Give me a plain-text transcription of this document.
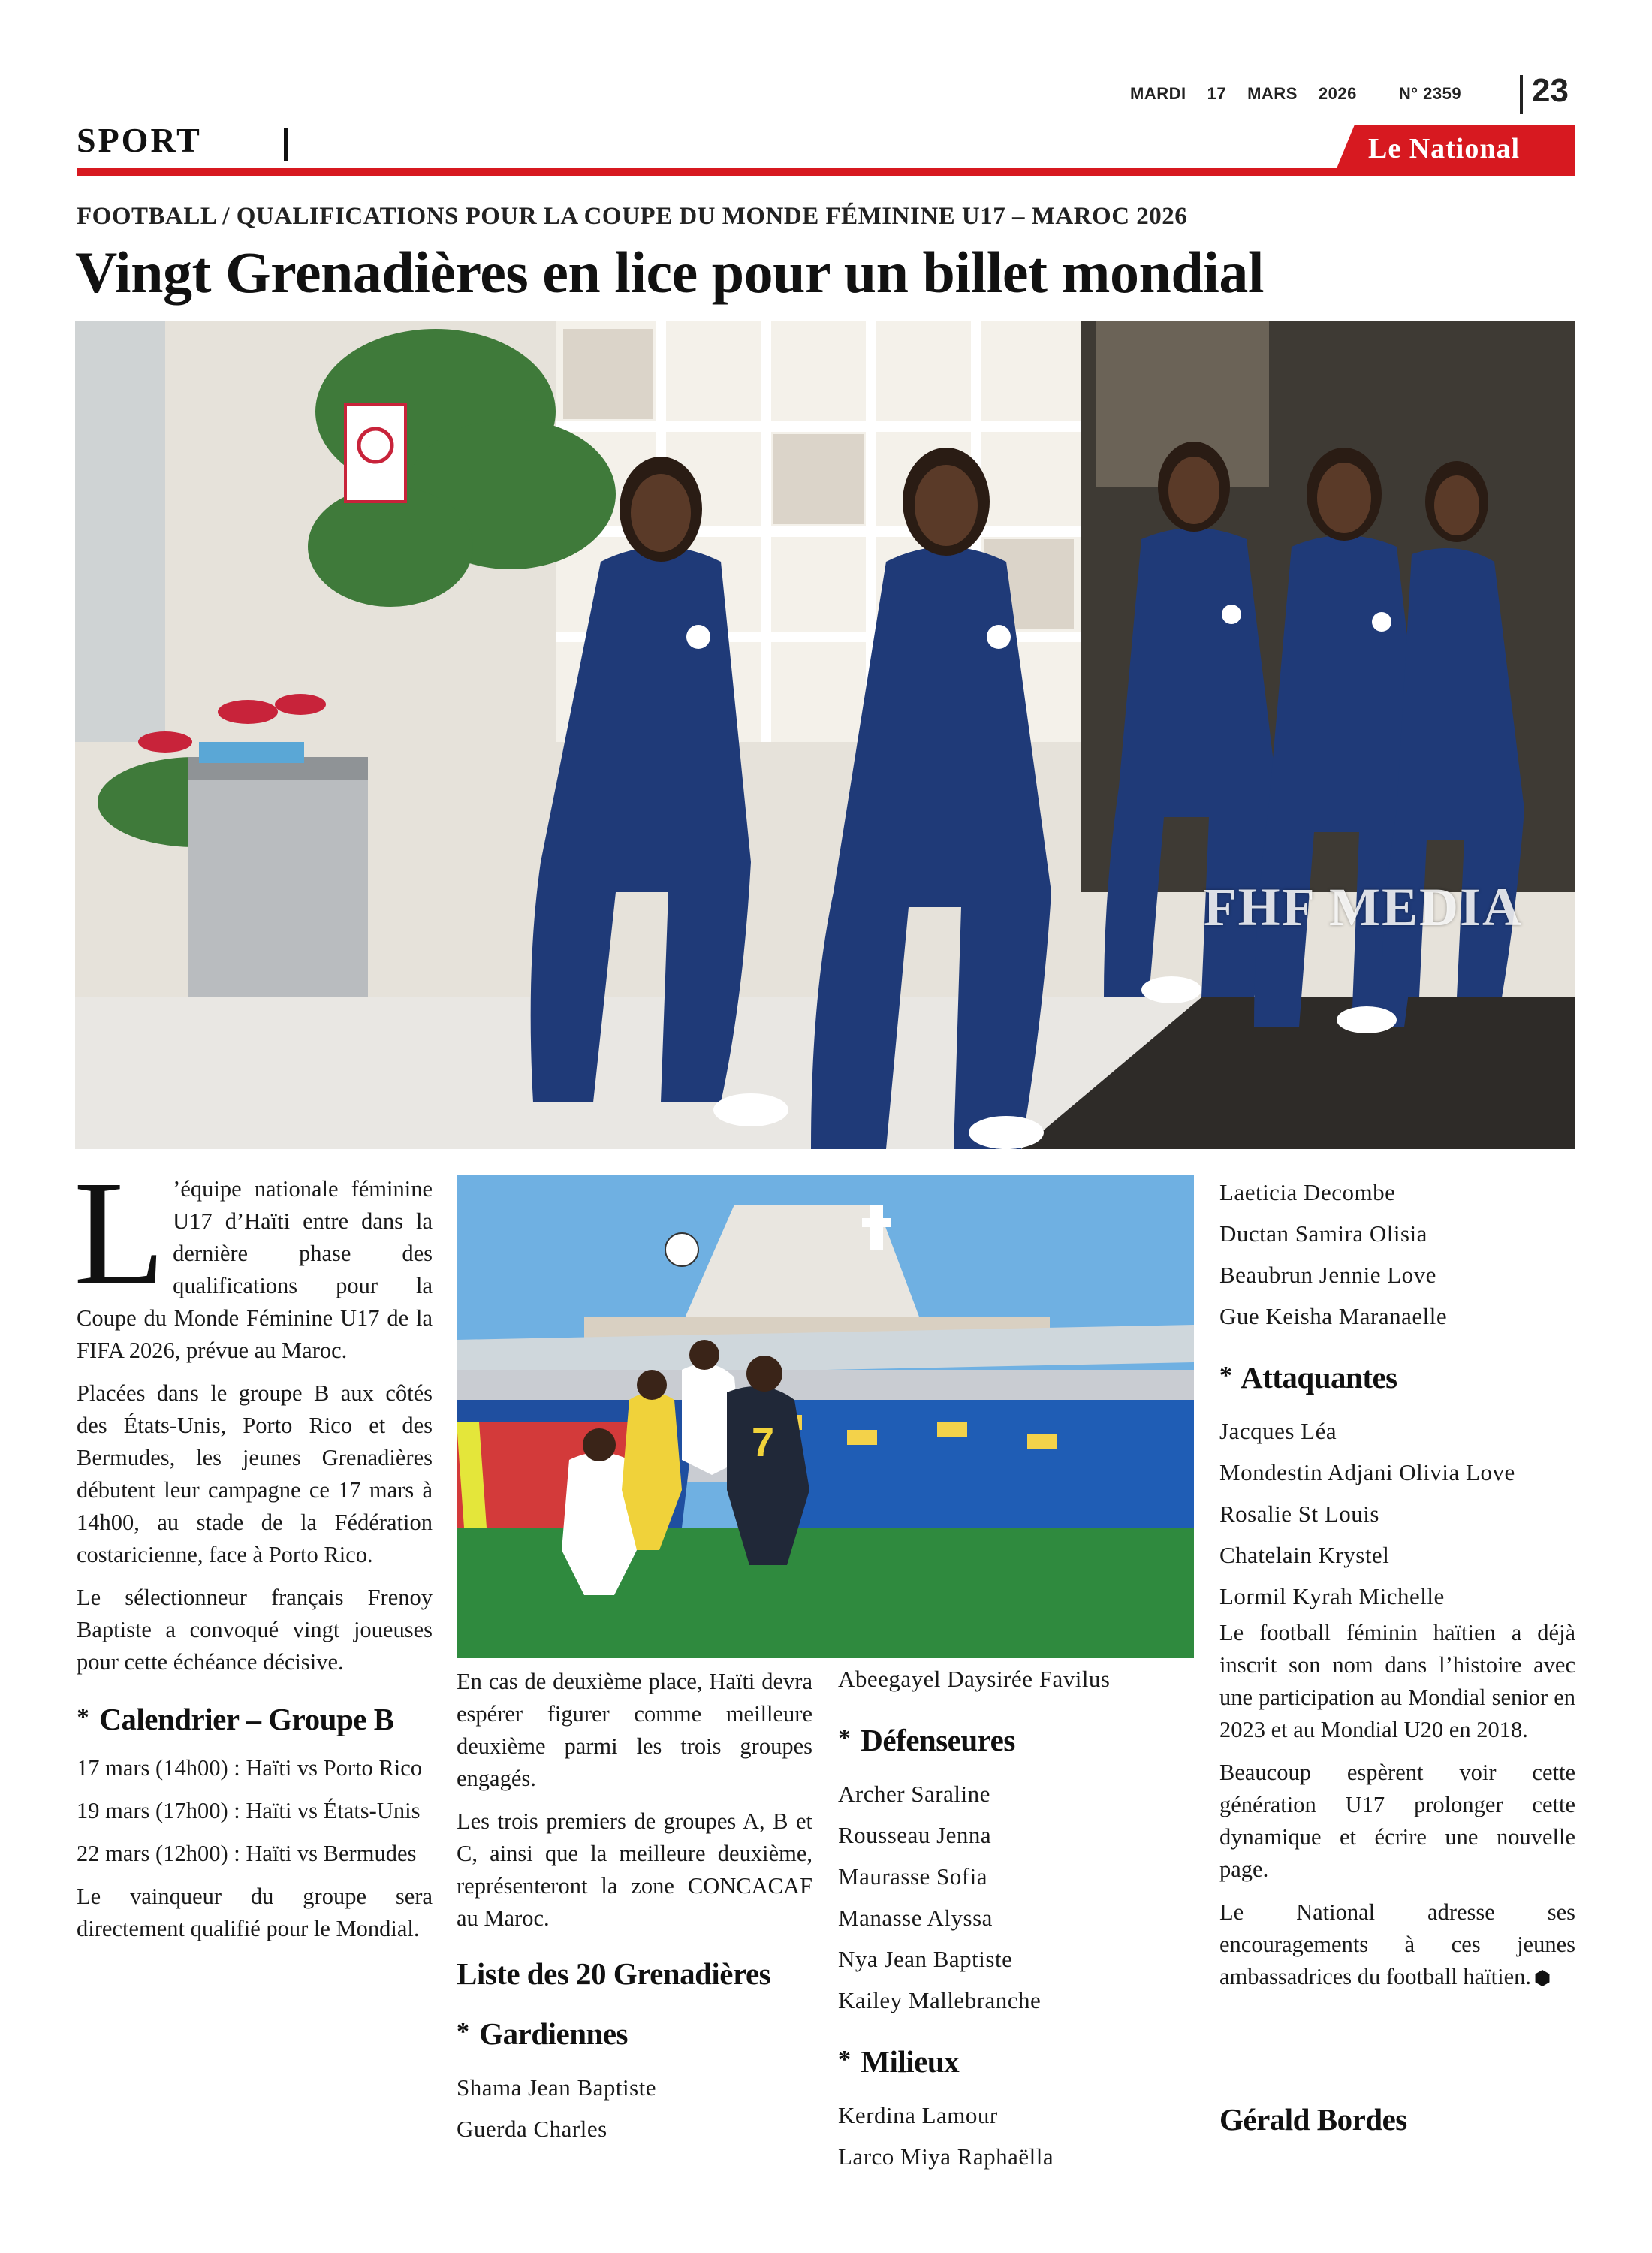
MARDI 17 MARS 2026	N° 2359 23
SPORT	Le National
FOOTBALL / QUALIFICATIONS POUR LA COUPE DU MONDE FÉMININE U17 – MAROC 2026
Vingt Grenadières en lice pour un billet mondial
FHF MEDIA

L ’équipe nationale féminine U17 d’Haïti entre dans la dernière phase des qualifications pour la Coupe du Monde Féminine U17 de la FIFA 2026, prévue au Maroc.

Placées dans le groupe B aux côtés des États-Unis, Porto Rico et des Bermudes, les jeunes Grenadières débutent leur campagne ce 17 mars à 14h00, au stade de la Fédération costaricienne, face à Porto Rico.

Le sélectionneur français Frenoy Baptiste a convoqué vingt joueuses pour cette échéance décisive.

* Calendrier – Groupe B

17 mars (14h00) : Haïti vs Porto Rico

19 mars (17h00) : Haïti vs États-Unis

22 mars (12h00) : Haïti vs Bermudes

Le vainqueur du groupe sera directement qualifié pour le Mondial.

7

En cas de deuxième place, Haïti devra espérer figurer comme meilleure deuxième parmi les trois groupes engagés.

Les trois premiers de groupes A, B et C, ainsi que la meilleure deuxième, représenteront la zone CONCACAF au Maroc.

Liste des 20 Grenadières
* Gardiennes
Shama Jean Baptiste
Guerda Charles
Abeegayel Daysirée Favilus
* Défenseures
Archer Saraline
Rousseau Jenna
Maurasse Sofia
Manasse Alyssa
Nya Jean Baptiste
Kailey Mallebranche
* Milieux
Kerdina Lamour
Larco Miya Raphaëlla
Laeticia Decombe
Ductan Samira Olisia
Beaubrun Jennie Love
Gue Keisha Maranaelle
* Attaquantes
Jacques Léa
Mondestin Adjani Olivia Love
Rosalie St Louis
Chatelain Krystel
Lormil Kyrah Michelle

Le football féminin haïtien a déjà inscrit son nom dans l’histoire avec une participation au Mondial senior en 2023 et au Mondial U20 en 2018.

Beaucoup espèrent voir cette génération U17 prolonger cette dynamique et écrire une nouvelle page.

Le National adresse ses encouragements à ces jeunes ambassadrices du football haïtien.

Gérald Bordes
